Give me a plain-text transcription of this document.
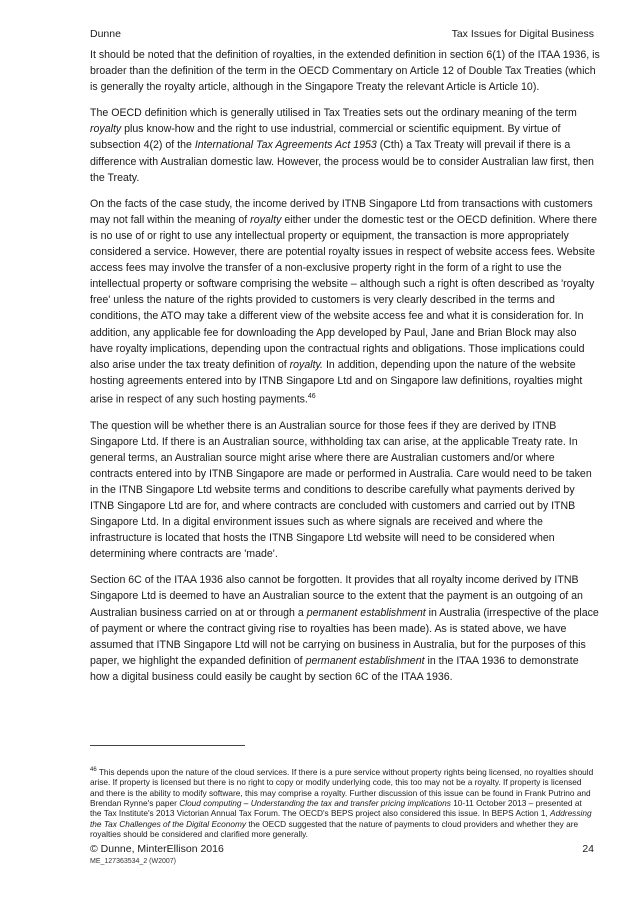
Dunne	Tax Issues for Digital Business

It should be noted that the definition of royalties, in the extended definition in section 6(1) of the ITAA 1936, is broader than the definition of the term in the OECD Commentary on Article 12 of Double Tax Treaties (which is generally the royalty article, although in the Singapore Treaty the relevant Article is Article 10).

The OECD definition which is generally utilised in Tax Treaties sets out the ordinary meaning of the term royalty plus know-how and the right to use industrial, commercial or scientific equipment. By virtue of subsection 4(2) of the International Tax Agreements Act 1953 (Cth) a Tax Treaty will prevail if there is a difference with Australian domestic law. However, the process would be to consider Australian law first, then the Treaty.

On the facts of the case study, the income derived by ITNB Singapore Ltd from transactions with customers may not fall within the meaning of royalty either under the domestic test or the OECD definition. Where there is no use of or right to use any intellectual property or equipment, the transaction is more appropriately considered a service. However, there are potential royalty issues in respect of website access fees. Website access fees may involve the transfer of a non-exclusive property right in the form of a right to use the intellectual property or software comprising the website – although such a right is often described as 'royalty free' unless the nature of the rights provided to customers is very clearly described in the terms and conditions, the ATO may take a different view of the website access fee and what it is consideration for. In addition, any applicable fee for downloading the App developed by Paul, Jane and Brian Block may also have royalty implications, depending upon the contractual rights and obligations. Those implications could also arise under the tax treaty definition of royalty. In addition, depending upon the nature of the website hosting agreements entered into by ITNB Singapore Ltd and on Singapore law definitions, royalties might arise in respect of any such hosting payments.$^{46}$

The question will be whether there is an Australian source for those fees if they are derived by ITNB Singapore Ltd. If there is an Australian source, withholding tax can arise, at the applicable Treaty rate. In general terms, an Australian source might arise where there are Australian customers and/or where contracts entered into by ITNB Singapore are made or performed in Australia. Care would need to be taken in the ITNB Singapore Ltd website terms and conditions to describe carefully what payments derived by ITNB Singapore Ltd are for, and where contracts are concluded with customers and carried out by ITNB Singapore Ltd. In a digital environment issues such as where signals are received and where the infrastructure is located that hosts the ITNB Singapore Ltd website will need to be considered when determining where contracts are 'made'.

Section 6C of the ITAA 1936 also cannot be forgotten. It provides that all royalty income derived by ITNB Singapore Ltd is deemed to have an Australian source to the extent that the payment is an outgoing of an Australian business carried on at or through a permanent establishment in Australia (irrespective of the place of payment or where the contract giving rise to royalties has been made). As is stated above, we have assumed that ITNB Singapore Ltd will not be carrying on business in Australia, but for the purposes of this paper, we highlight the expanded definition of permanent establishment in the ITAA 1936 to demonstrate how a digital business could easily be caught by section 6C of the ITAA 1936.

$^{46}$ This depends upon the nature of the cloud services. If there is a pure service without property rights being licensed, no royalties should arise. If property is licensed but there is no right to copy or modify underlying code, this too may not be a royalty. If property is licensed and there is the ability to modify software, this may comprise a royalty. Further discussion of this issue can be found in Frank Putrino and Brendan Rynne's paper Cloud computing – Understanding the tax and transfer pricing implications 10-11 October 2013 – presented at the Tax Institute's 2013 Victorian Annual Tax Forum. The OECD's BEPS project also considered this issue. In BEPS Action 1, Addressing the Tax Challenges of the Digital Economy the OECD suggested that the nature of payments to cloud providers and whether they are royalties should be considered and clarified more generally.
© Dunne, MinterEllison 2016	24
ME_127363534_2 (W2007)
